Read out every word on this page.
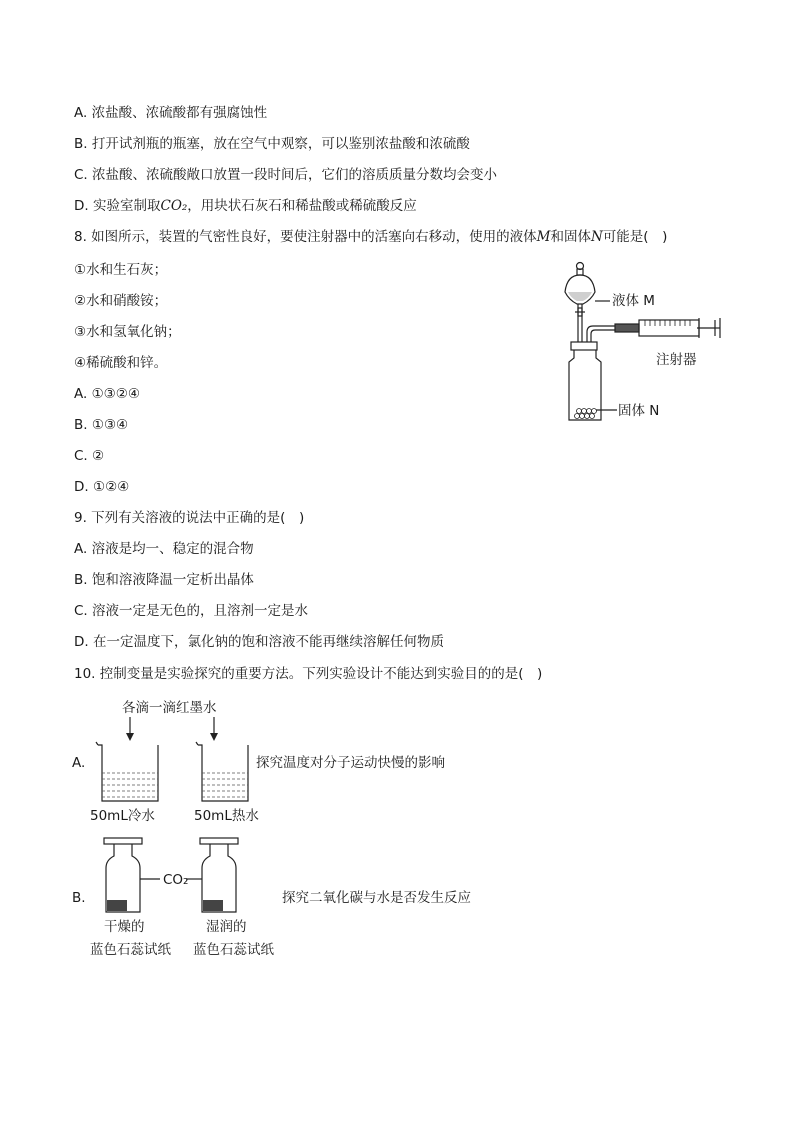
A. 浓盐酸、浓硫酸都有强腐蚀性
B. 打开试剂瓶的瓶塞，放在空气中观察，可以鉴别浓盐酸和浓硫酸
C. 浓盐酸、浓硫酸敞口放置一段时间后，它们的溶质质量分数均会变小
D. 实验室制取CO₂，用块状石灰石和稀盐酸或稀硫酸反应
8. 如图所示，装置的气密性良好，要使注射器中的活塞向右移动，使用的液体M和固体N可能是(　)
①水和生石灰；
②水和硝酸铵；
③水和氢氧化钠；
④稀硫酸和锌。
A. ①③②④
B. ①③④
C. ②
D. ①②④
液体 M
注射器
固体 N
9. 下列有关溶液的说法中正确的是(　)
A. 溶液是均一、稳定的混合物
B. 饱和溶液降温一定析出晶体
C. 溶液一定是无色的，且溶剂一定是水
D. 在一定温度下，氯化钠的饱和溶液不能再继续溶解任何物质
10. 控制变量是实验探究的重要方法。下列实验设计不能达到实验目的的是(　)
各滴一滴红墨水
A.	探究温度对分子运动快慢的影响
50mL冷水	50mL热水
B.
CO₂
探究二氧化碳与水是否发生反应
干燥的
蓝色石蕊试纸
湿润的
蓝色石蕊试纸
